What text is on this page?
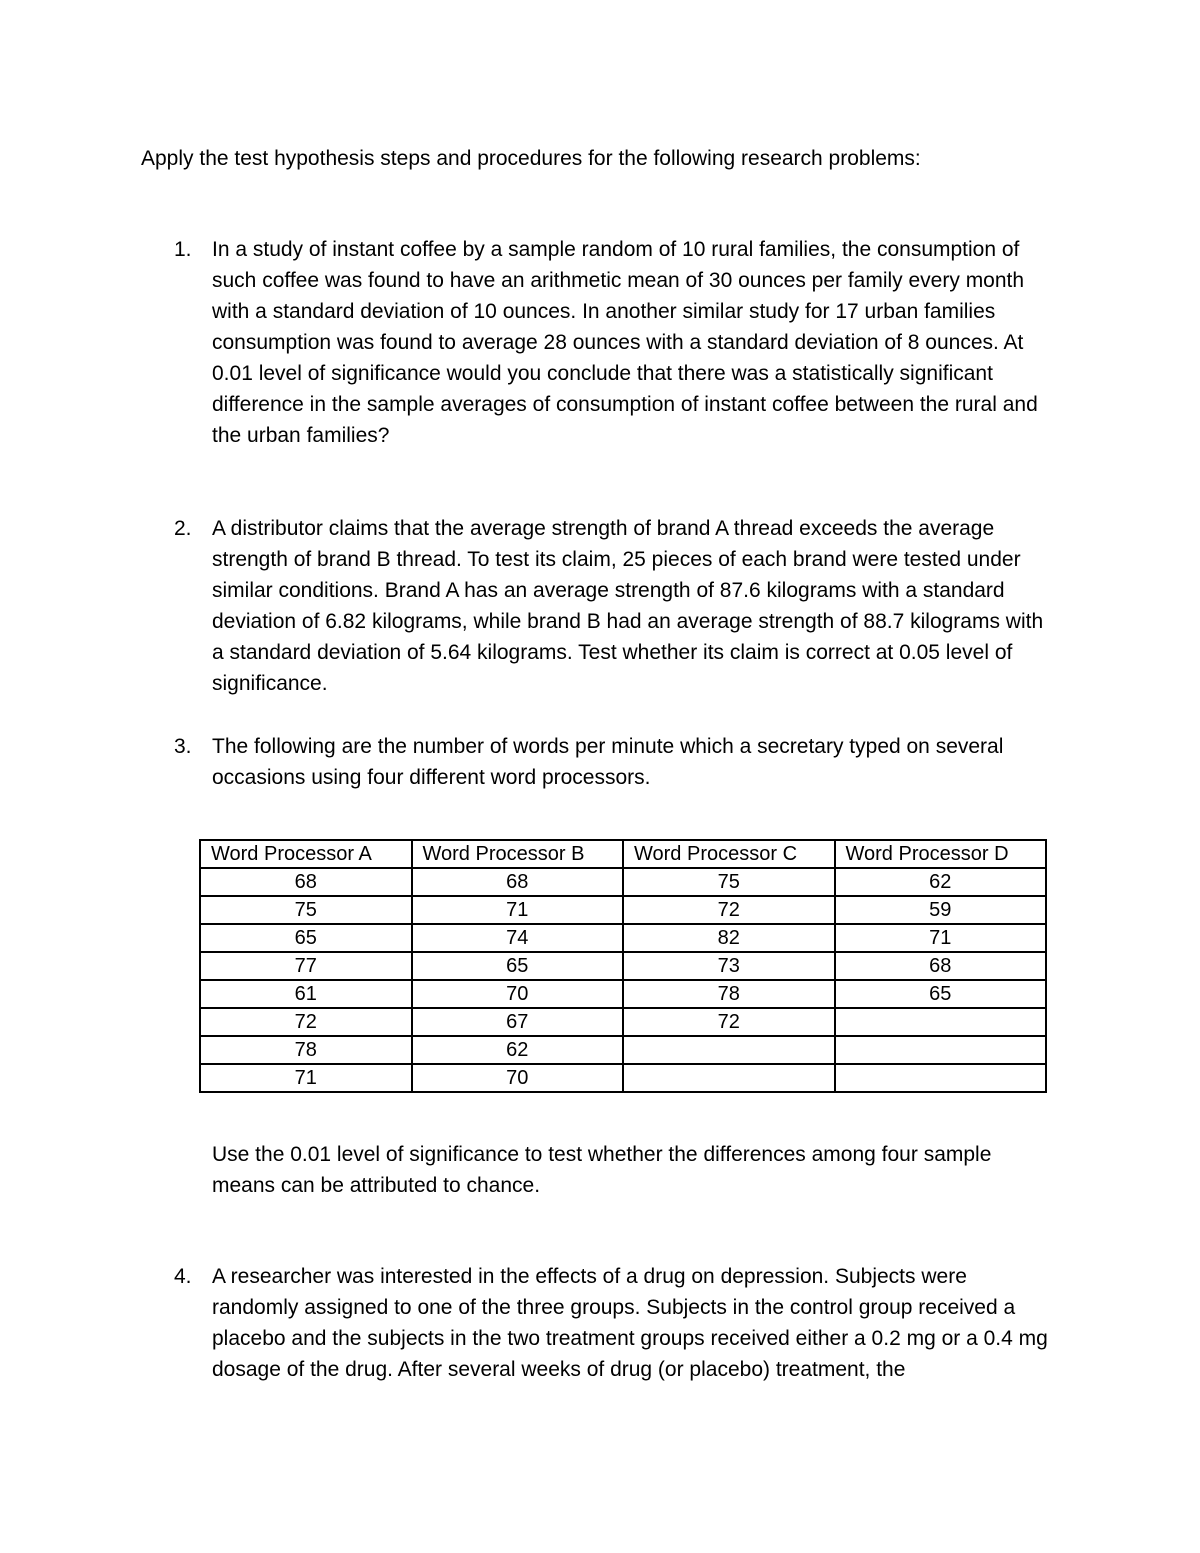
Apply the test hypothesis steps and procedures for the following research problems:

1. In a study of instant coffee by a sample random of 10 rural families, the consumption of such coffee was found to have an arithmetic mean of 30 ounces per family every month with a standard deviation of 10 ounces. In another similar study for 17 urban families consumption was found to average 28 ounces with a standard deviation of 8 ounces. At 0.01 level of significance would you conclude that there was a statistically significant difference in the sample averages of consumption of instant coffee between the rural and the urban families?
2. A distributor claims that the average strength of brand A thread exceeds the average strength of brand B thread. To test its claim, 25 pieces of each brand were tested under similar conditions. Brand A has an average strength of 87.6 kilograms with a standard deviation of 6.82 kilograms, while brand B had an average strength of 88.7 kilograms with a standard deviation of 5.64 kilograms. Test whether its claim is correct at 0.05 level of significance.
3. The following are the number of words per minute which a secretary typed on several occasions using four different word processors.
Word Processor A	Word Processor B	Word Processor C	Word Processor D
68	68	75	62
75	71	72	59
65	74	82	71
77	65	73	68
61	70	78	65
72	67	72	
78	62		
71	70		

Use the 0.01 level of significance to test whether the differences among four sample means can be attributed to chance.

4. A researcher was interested in the effects of a drug on depression. Subjects were randomly assigned to one of the three groups. Subjects in the control group received a placebo and the subjects in the two treatment groups received either a 0.2 mg or a 0.4 mg dosage of the drug. After several weeks of drug (or placebo) treatment, the
